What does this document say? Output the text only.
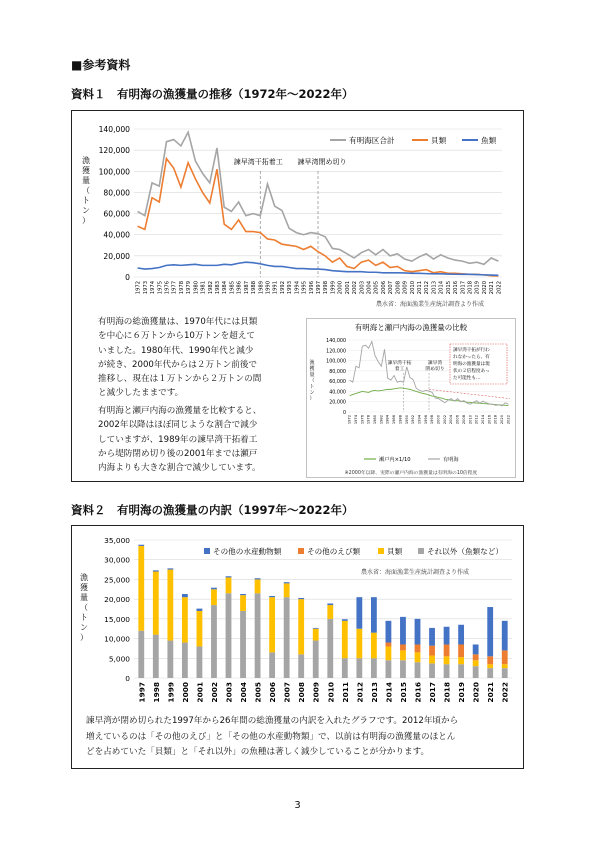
■参考資料
資料１　有明海の漁獲量の推移（1972年～2022年）
140,000
120,000
100,000
80,000
60,000
40,000
20,000
0
1972 1973 1974 1975 1976 1977 1978 1979 1980 1981 1982 1983 1984 1985 1986 1987 1988 1989 1990 1991 1992 1993 1994 1995 1996 1997 1998 1999 2000 2001 2002 2003 2004 2005 2006 2007 2008 2009 2010 2011 2012 2013 2014 2015 2016 2017 2018 2019 2020 2021 2022
諫早湾干拓着工 諫早湾閉め切り
有明海区合計	貝類	魚類
漁
獲
量
（
ト
ン
）
農水省：海面漁業生産統計調査より作成
有明海の総漁獲量は、1970年代には貝類
を中心に６万トンから10万トンを超えて
いました。1980年代、1990年代と減少
が続き、2000年代からは２万トン前後で
推移し、現在は１万トンから２万トンの間
と減少したままです。
有明海と瀬戸内海の漁獲量を比較すると、
2002年以降はほぼ同じような割合で減少
していますが、1989年の諫早湾干拓着工
から堤防閉め切り後の2001年までは瀬戸
内海よりも大きな割合で減少しています。
有明海と瀬戸内海の漁獲量の比較
漁
獲
量
（
ト
ン
）
140,000
120,000
100,000
80,000
60,000
40,000
20,000
0
1972 1974 1976 1978 1980 1982 1984 1986 1988 1990 1992 1994 1996 1998 2000 2002 2004 2006 2008 2010 2012 2014 2016 2018 2020 2022
諫早湾干拓
着工
諫早湾
閉め切り
諫早湾干拓が行わ
れなかったら、有
明海の漁獲量は現
状の２倍程度あっ
た可能性も…
瀬戸内×1/10	有明海
※2000年以降、実際の瀬戸内海の漁獲量は有明海の10倍程度
資料２　有明海の漁獲量の内訳（1997年～2022年）
漁
獲
量
（
ト
ン
）
35,000
30,000
25,000
20,000
15,000
10,000
5,000
0
1997 1998 1999 2000 2001 2002 2003 2004 2005 2006 2007 2008 2009 2010 2011 2012 2013 2014 2015 2016 2017 2018 2019 2020 2021 2022
その他の水産動物類	その他のえび類	貝類	それ以外（魚類など）
農水省：海面漁業生産統計調査より作成
諫早湾が閉め切られた1997年から26年間の総漁獲量の内訳を入れたグラフです。2012年頃から
増えているのは「その他のえび」と「その他の水産動物類」で、以前は有明海の漁獲量のほとん
どを占めていた「貝類」と「それ以外」の魚種は著しく減少していることが分かります。
3
